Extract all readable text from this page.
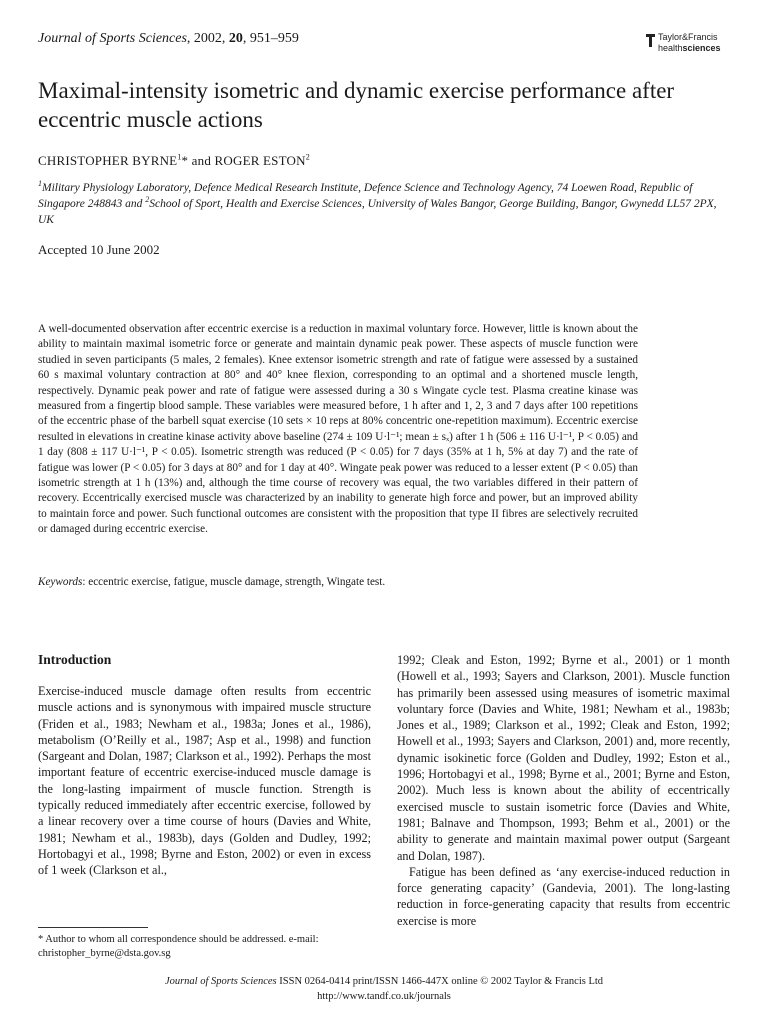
Journal of Sports Sciences, 2002, 20, 951–959	Taylor&Francis
healthsciences
Maximal-intensity isometric and dynamic exercise performance after eccentric muscle actions
CHRISTOPHER BYRNE$^1$* and ROGER ESTON$^2$
$^1$Military Physiology Laboratory, Defence Medical Research Institute, Defence Science and Technology Agency, 74 Loewen Road, Republic of Singapore 248843 and $^2$School of Sport, Health and Exercise Sciences, University of Wales Bangor, George Building, Bangor, Gwynedd LL57 2PX, UK
Accepted 10 June 2002
A well-documented observation after eccentric exercise is a reduction in maximal voluntary force. However, little is known about the ability to maintain maximal isometric force or generate and maintain dynamic peak power. These aspects of muscle function were studied in seven participants (5 males, 2 females). Knee extensor isometric strength and rate of fatigue were assessed by a sustained 60 s maximal voluntary contraction at 80° and 40° knee flexion, corresponding to an optimal and a shortened muscle length, respectively. Dynamic peak power and rate of fatigue were assessed during a 30 s Wingate cycle test. Plasma creatine kinase was measured from a fingertip blood sample. These variables were measured before, 1 h after and 1, 2, 3 and 7 days after 100 repetitions of the eccentric phase of the barbell squat exercise (10 sets × 10 reps at 80% concentric one-repetition maximum). Eccentric exercise resulted in elevations in creatine kinase activity above baseline (274 ± 109 U·l⁻¹; mean ± sₓ) after 1 h (506 ± 116 U·l⁻¹, P < 0.05) and 1 day (808 ± 117 U·l⁻¹, P < 0.05). Isometric strength was reduced (P < 0.05) for 7 days (35% at 1 h, 5% at day 7) and the rate of fatigue was lower (P < 0.05) for 3 days at 80° and for 1 day at 40°. Wingate peak power was reduced to a lesser extent (P < 0.05) than isometric strength at 1 h (13%) and, although the time course of recovery was equal, the two variables differed in their pattern of recovery. Eccentrically exercised muscle was characterized by an inability to generate high force and power, but an improved ability to maintain force and power. Such functional outcomes are consistent with the proposition that type II fibres are selectively recruited or damaged during eccentric exercise.
Keywords: eccentric exercise, fatigue, muscle damage, strength, Wingate test.
Introduction

Exercise-induced muscle damage often results from eccentric muscle actions and is synonymous with impaired muscle structure (Friden et al., 1983; Newham et al., 1983a; Jones et al., 1986), metabolism (O’Reilly et al., 1987; Asp et al., 1998) and function (Sargeant and Dolan, 1987; Clarkson et al., 1992). Perhaps the most important feature of eccentric exercise-induced muscle damage is the long-lasting impairment of muscle function. Strength is typically reduced immediately after eccentric exercise, followed by a linear recovery over a time course of hours (Davies and White, 1981; Newham et al., 1983b), days (Golden and Dudley, 1992; Hortobagyi et al., 1998; Byrne and Eston, 2002) or even in excess of 1 week (Clarkson et al.,

1992; Cleak and Eston, 1992; Byrne et al., 2001) or 1 month (Howell et al., 1993; Sayers and Clarkson, 2001). Muscle function has primarily been assessed using measures of isometric maximal voluntary force (Davies and White, 1981; Newham et al., 1983b; Jones et al., 1989; Clarkson et al., 1992; Cleak and Eston, 1992; Howell et al., 1993; Sayers and Clarkson, 2001) and, more recently, dynamic isokinetic force (Golden and Dudley, 1992; Eston et al., 1996; Hortobagyi et al., 1998; Byrne et al., 2001; Byrne and Eston, 2002). Much less is known about the ability of eccentrically exercised muscle to sustain isometric force (Davies and White, 1981; Balnave and Thompson, 1993; Behm et al., 2001) or the ability to generate and maintain maximal power output (Sargeant and Dolan, 1987).

Fatigue has been defined as ‘any exercise-induced reduction in force generating capacity’ (Gandevia, 2001). The long-lasting reduction in force-generating capacity that results from eccentric exercise is more

* Author to whom all correspondence should be addressed. e-mail: christopher_byrne@dsta.gov.sg
Journal of Sports Sciences ISSN 0264-0414 print/ISSN 1466-447X online © 2002 Taylor & Francis Ltd
http://www.tandf.co.uk/journals
